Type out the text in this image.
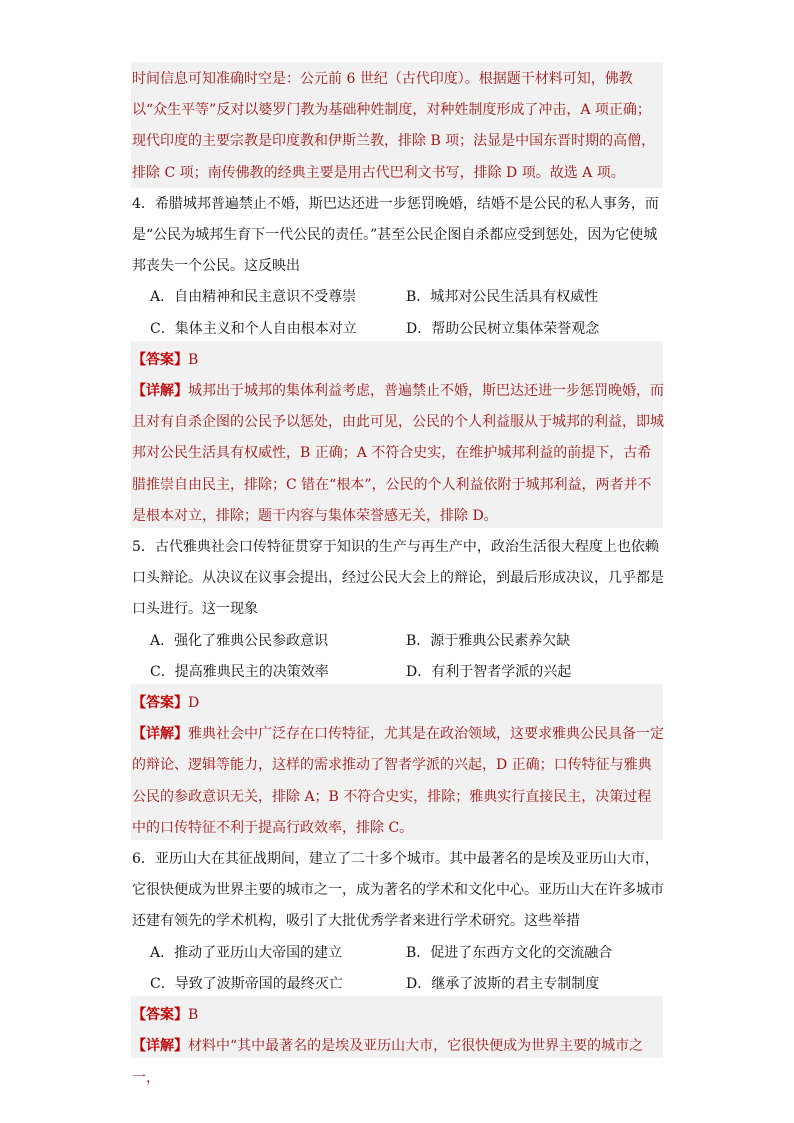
时间信息可知准确时空是：公元前 6 世纪（古代印度）。根据题干材料可知，佛教以“众生平等”反对以婆罗门教为基础种姓制度，对种姓制度形成了冲击，A 项正确；现代印度的主要宗教是印度教和伊斯兰教，排除 B 项；法显是中国东晋时期的高僧，排除 C 项；南传佛教的经典主要是用古代巴利文书写，排除 D 项。故选 A 项。

4．希腊城邦普遍禁止不婚，斯巴达还进一步惩罚晚婚，结婚不是公民的私人事务，而是“公民为城邦生育下一代公民的责任。”甚至公民企图自杀都应受到惩处，因为它使城邦丧失一个公民。这反映出

A．自由精神和民主意识不受尊崇	B．城邦对公民生活具有权威性
C．集体主义和个人自由根本对立	D．帮助公民树立集体荣誉观念

【答案】B

【详解】城邦出于城邦的集体利益考虑，普遍禁止不婚，斯巴达还进一步惩罚晚婚，而且对有自杀企图的公民予以惩处，由此可见，公民的个人利益服从于城邦的利益，即城邦对公民生活具有权威性，B 正确；A 不符合史实，在维护城邦利益的前提下，古希腊推崇自由民主，排除；C 错在“根本”，公民的个人利益依附于城邦利益，两者并不是根本对立，排除；题干内容与集体荣誉感无关，排除 D。

5．古代雅典社会口传特征贯穿于知识的生产与再生产中，政治生活很大程度上也依赖口头辩论。从决议在议事会提出，经过公民大会上的辩论，到最后形成决议，几乎都是口头进行。这一现象

A．强化了雅典公民参政意识	B．源于雅典公民素养欠缺
C．提高雅典民主的决策效率	D．有利于智者学派的兴起

【答案】D

【详解】雅典社会中广泛存在口传特征，尤其是在政治领域，这要求雅典公民具备一定的辩论、逻辑等能力，这样的需求推动了智者学派的兴起，D 正确；口传特征与雅典公民的参政意识无关，排除 A；B 不符合史实，排除；雅典实行直接民主，决策过程中的口传特征不利于提高行政效率，排除 C。

6．亚历山大在其征战期间，建立了二十多个城市。其中最著名的是埃及亚历山大市，它很快便成为世界主要的城市之一，成为著名的学术和文化中心。亚历山大在许多城市还建有领先的学术机构，吸引了大批优秀学者来进行学术研究。这些举措

A．推动了亚历山大帝国的建立	B．促进了东西方文化的交流融合
C．导致了波斯帝国的最终灭亡	D．继承了波斯的君主专制制度

【答案】B

【详解】材料中“其中最著名的是埃及亚历山大市，它很快便成为世界主要的城市之一，
